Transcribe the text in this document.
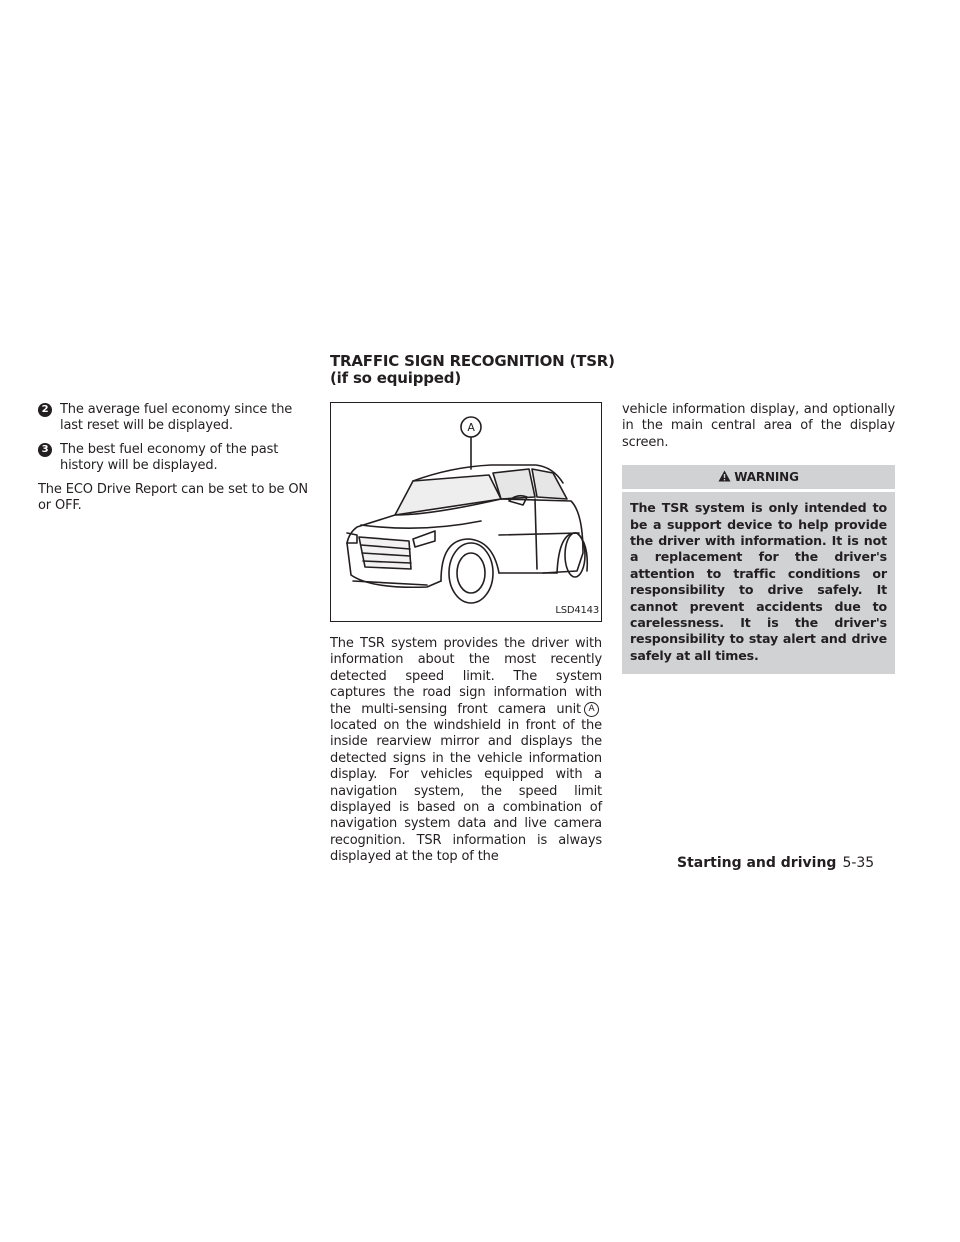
TRAFFIC SIGN RECOGNITION (TSR) (if so equipped)
2 The average fuel economy since the last reset will be displayed.
3 The best fuel economy of the past history will be displayed.

The ECO Drive Report can be set to be ON or OFF.

A
LSD4143

The TSR system provides the driver with information about the most recently detected speed limit. The system captures the road sign information with the multi-sensing front camera unit Alocated on the windshield in front of the inside rearview mirror and displays the detected signs in the vehicle information display. For vehicles equipped with a navigation system, the speed limit displayed is based on a combination of navigation system data and live camera recognition. TSR information is always displayed at the top of the

vehicle information display, and optionally in the main central area of the display screen.

WARNING
The TSR system is only intended to be a support device to help provide the driver with information. It is not a replacement for the driver's attention to traffic conditions or responsibility to drive safely. It cannot prevent accidents due to carelessness. It is the driver's responsibility to stay alert and drive safely at all times.
Starting and driving 5-35
